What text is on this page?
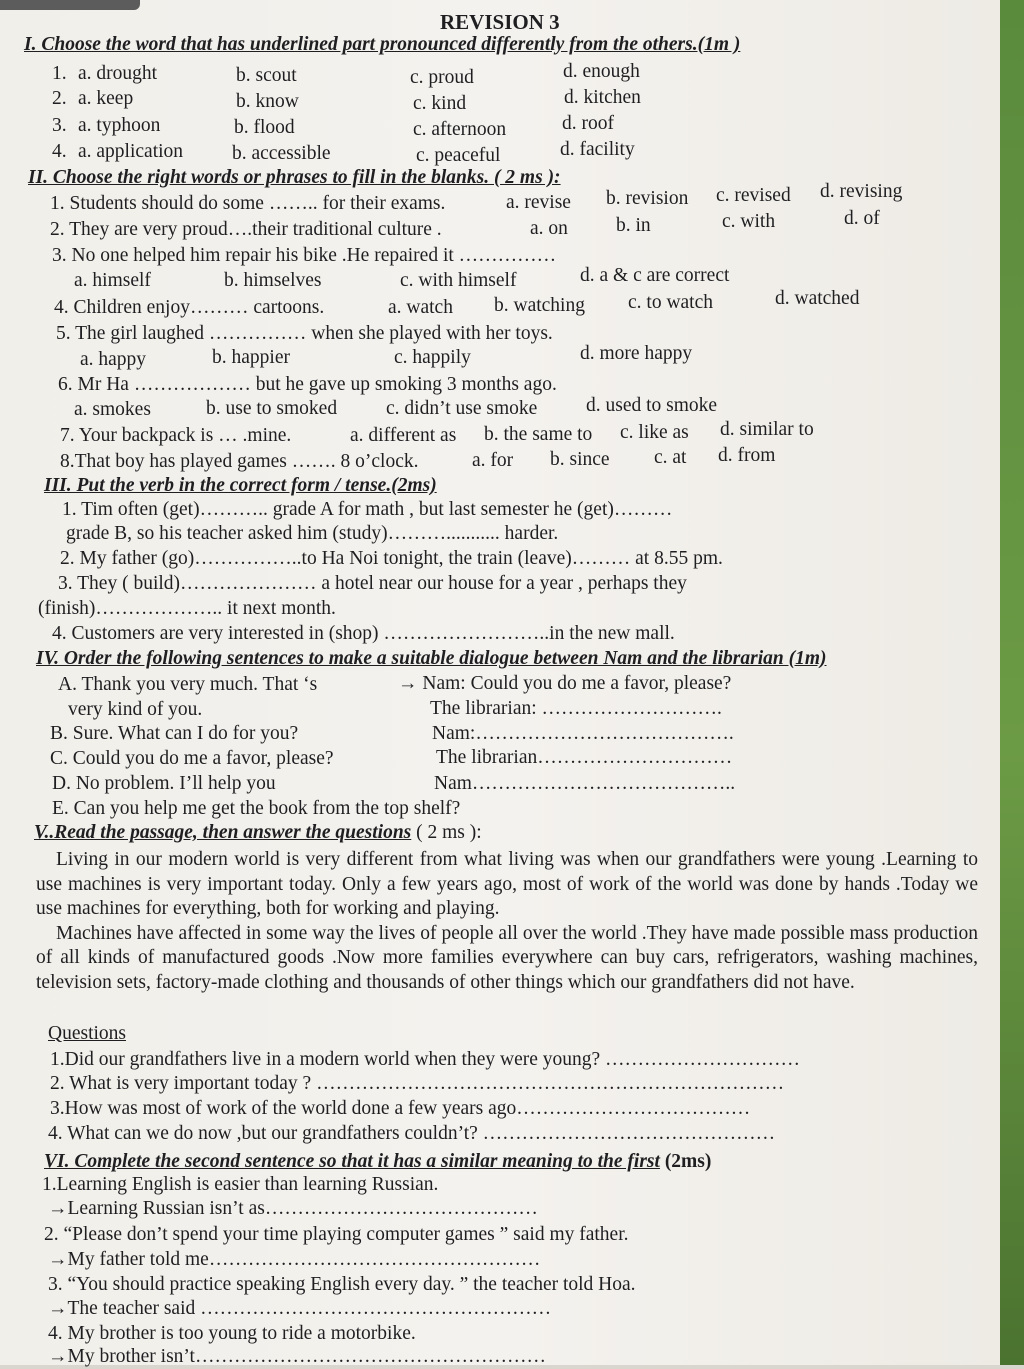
REVISION 3
I. Choose the word that has underlined part pronounced differently from the others.(1m )
1. a. drought	b. scout	c. proud	d. enough
2. a. keep	b. know	c. kind	d. kitchen
3. a. typhoon	b. flood	c. afternoon	d. roof
4. a. application	b. accessible	c. peaceful	d. facility
II. Choose the right words or phrases to fill in the blanks. ( 2 ms ):
1. Students should do some …….. for their exams.	a. revise b. revision c. revised d. revising
2. They are very proud….their traditional culture .	a. on b. in	c. with	d. of
3. No one helped him repair his bike .He repaired it ……………
a. himself	b. himselves	c. with himself	d. a & c are correct
4. Children enjoy……… cartoons.	a. watch b. watching c. to watch	d. watched
5. The girl laughed …………… when she played with her toys.
a. happy	b. happier	c. happily	d. more happy
6. Mr Ha ……………… but he gave up smoking 3 months ago.
a. smokes	b. use to smoked	c. didn’t use smoke d. used to smoke
7. Your backpack is … .mine.	a. different as b. the same to c. like as d. similar to
8.That boy has played games ……. 8 o’clock.	a. for b. since c. at d. from
III. Put the verb in the correct form / tense.(2ms)
1. Tim often (get)……….. grade A for math , but last semester he (get)………
grade B, so his teacher asked him (study)………........... harder.
2. My father (go)……………..to Ha Noi tonight, the train (leave)……… at 8.55 pm.
3. They ( build)………………… a hotel near our house for a year , perhaps they
(finish)……………….. it next month.
4. Customers are very interested in (shop) ……………………..in the new mall.
IV. Order the following sentences to make a suitable dialogue between Nam and the librarian (1m)
A. Thank you very much. That ‘s
very kind of you.
B. Sure. What can I do for you?
C. Could you do me a favor, please?
D. No problem. I’ll help you
E. Can you help me get the book from the top shelf?
→ Nam: Could you do me a favor, please?
The librarian: ……………………….
Nam:………………………………….
The librarian…………………………
Nam…………………………………..
V..Read the passage, then answer the questions ( 2 ms ):

Living in our modern world is very different from what living was when our grandfathers were young .Learning to use machines is very important today. Only a few years ago, most of work of the world was done by hands .Today we use machines for everything, both for working and playing.

Machines have affected in some way the lives of people all over the world .They have made possible mass production of all kinds of manufactured goods .Now more families everywhere can buy cars, refrigerators, washing machines, television sets, factory-made clothing and thousands of other things which our grandfathers did not have.

Questions
1.Did our grandfathers live in a modern world when they were young? …………………………
2. What is very important today ? ………………………………………………………………
3.How was most of work of the world done a few years ago………………………………
4. What can we do now ,but our grandfathers couldn’t? ………………………………………
VI. Complete the second sentence so that it has a similar meaning to the first (2ms)
1.Learning English is easier than learning Russian.
→Learning Russian isn’t as……………………………………
2. “Please don’t spend your time playing computer games ” said my father.
→My father told me……………………………………………
3. “You should practice speaking English every day. ” the teacher told Hoa.
→The teacher said ………………………………………………
4. My brother is too young to ride a motorbike.
→My brother isn’t………………………………………………
